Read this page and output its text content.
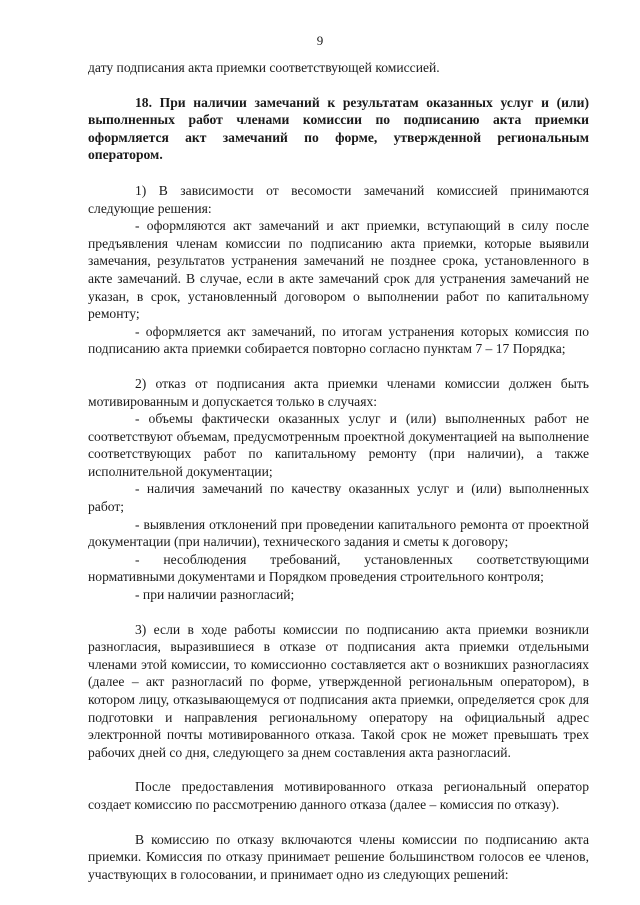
9

дату подписания акта приемки соответствующей комиссией.

18. При наличии замечаний к результатам оказанных услуг и (или) выполненных работ членами комиссии по подписанию акта приемки оформляется акт замечаний по форме, утвержденной региональным оператором.

1) В зависимости от весомости замечаний комиссией принимаются следующие решения:

- оформляются акт замечаний и акт приемки, вступающий в силу после предъявления членам комиссии по подписанию акта приемки, которые выявили замечания, результатов устранения замечаний не позднее срока, установленного в акте замечаний. В случае, если в акте замечаний срок для устранения замечаний не указан, в срок, установленный договором о выполнении работ по капитальному ремонту;

- оформляется акт замечаний, по итогам устранения которых комиссия по подписанию акта приемки собирается повторно согласно пунктам 7 – 17 Порядка;

2) отказ от подписания акта приемки членами комиссии должен быть мотивированным и допускается только в случаях:

- объемы фактически оказанных услуг и (или) выполненных работ не соответствуют объемам, предусмотренным проектной документацией на выполнение соответствующих работ по капитальному ремонту (при наличии), а также исполнительной документации;

- наличия замечаний по качеству оказанных услуг и (или) выполненных работ;

- выявления отклонений при проведении капитального ремонта от проектной документации (при наличии), технического задания и сметы к договору;

- несоблюдения требований, установленных соответствующими нормативными документами и Порядком проведения строительного контроля;

- при наличии разногласий;

3) если в ходе работы комиссии по подписанию акта приемки возникли разногласия, выразившиеся в отказе от подписания акта приемки отдельными членами этой комиссии, то комиссионно составляется акт о возникших разногласиях (далее – акт разногласий по форме, утвержденной региональным оператором), в котором лицу, отказывающемуся от подписания акта приемки, определяется срок для подготовки и направления региональному оператору на официальный адрес электронной почты мотивированного отказа. Такой срок не может превышать трех рабочих дней со дня, следующего за днем составления акта разногласий.

После предоставления мотивированного отказа региональный оператор создает комиссию по рассмотрению данного отказа (далее – комиссия по отказу).

В комиссию по отказу включаются члены комиссии по подписанию акта приемки. Комиссия по отказу принимает решение большинством голосов ее членов, участвующих в голосовании, и принимает одно из следующих решений:
